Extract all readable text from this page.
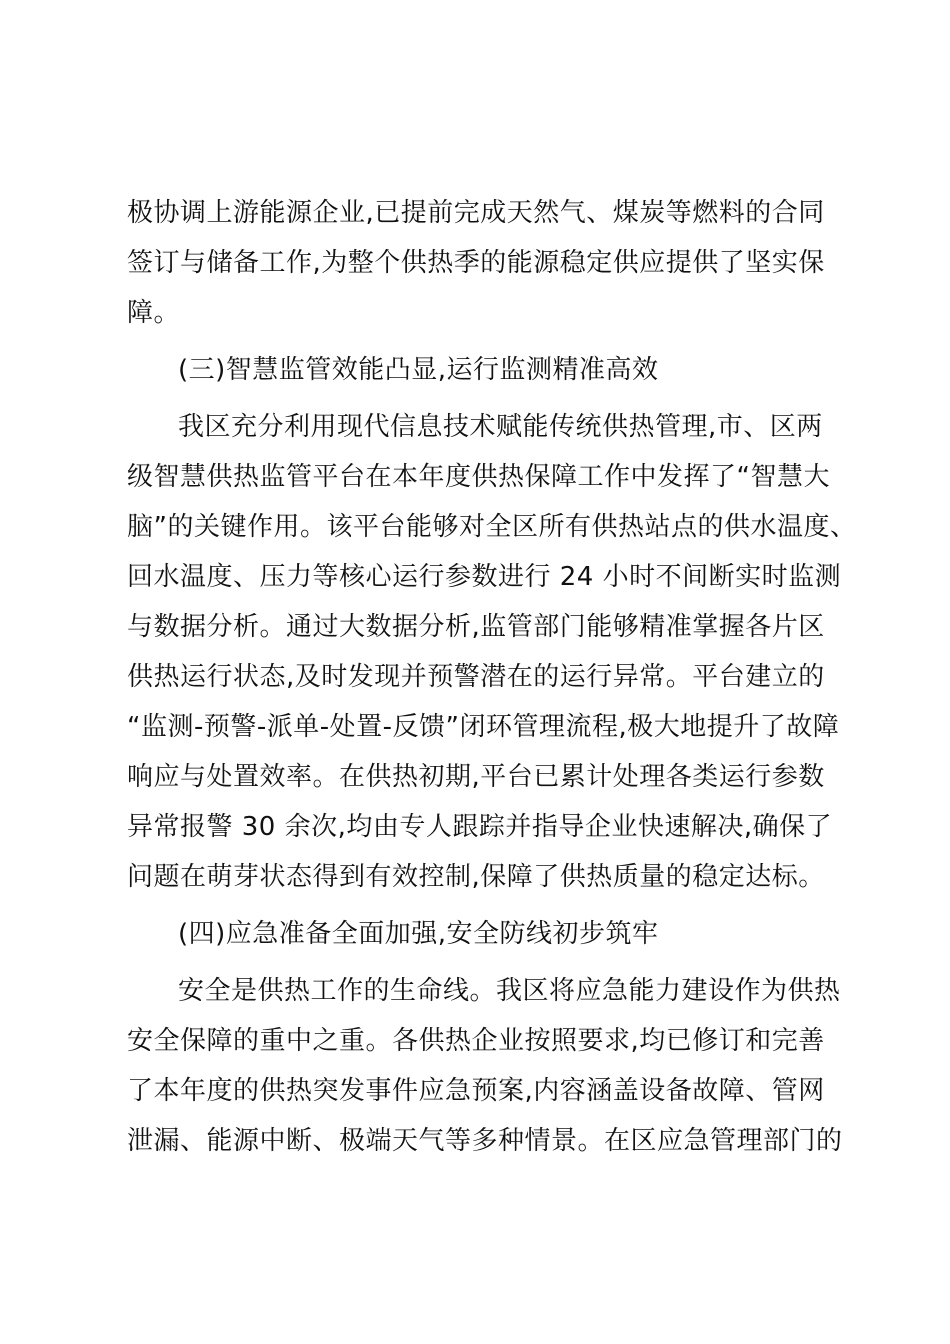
极协调上游能源企业,已提前完成天然气、煤炭等燃料的合同
签订与储备工作,为整个供热季的能源稳定供应提供了坚实保
障。
(三)智慧监管效能凸显,运行监测精准高效
我区充分利用现代信息技术赋能传统供热管理,市、区两
级智慧供热监管平台在本年度供热保障工作中发挥了“智慧大
脑”的关键作用。该平台能够对全区所有供热站点的供水温度、
回水温度、压力等核心运行参数进行 24 小时不间断实时监测
与数据分析。通过大数据分析,监管部门能够精准掌握各片区
供热运行状态,及时发现并预警潜在的运行异常。平台建立的
“监测-预警-派单-处置-反馈”闭环管理流程,极大地提升了故障
响应与处置效率。在供热初期,平台已累计处理各类运行参数
异常报警 30 余次,均由专人跟踪并指导企业快速解决,确保了
问题在萌芽状态得到有效控制,保障了供热质量的稳定达标。
(四)应急准备全面加强,安全防线初步筑牢
安全是供热工作的生命线。我区将应急能力建设作为供热
安全保障的重中之重。各供热企业按照要求,均已修订和完善
了本年度的供热突发事件应急预案,内容涵盖设备故障、管网
泄漏、能源中断、极端天气等多种情景。在区应急管理部门的
